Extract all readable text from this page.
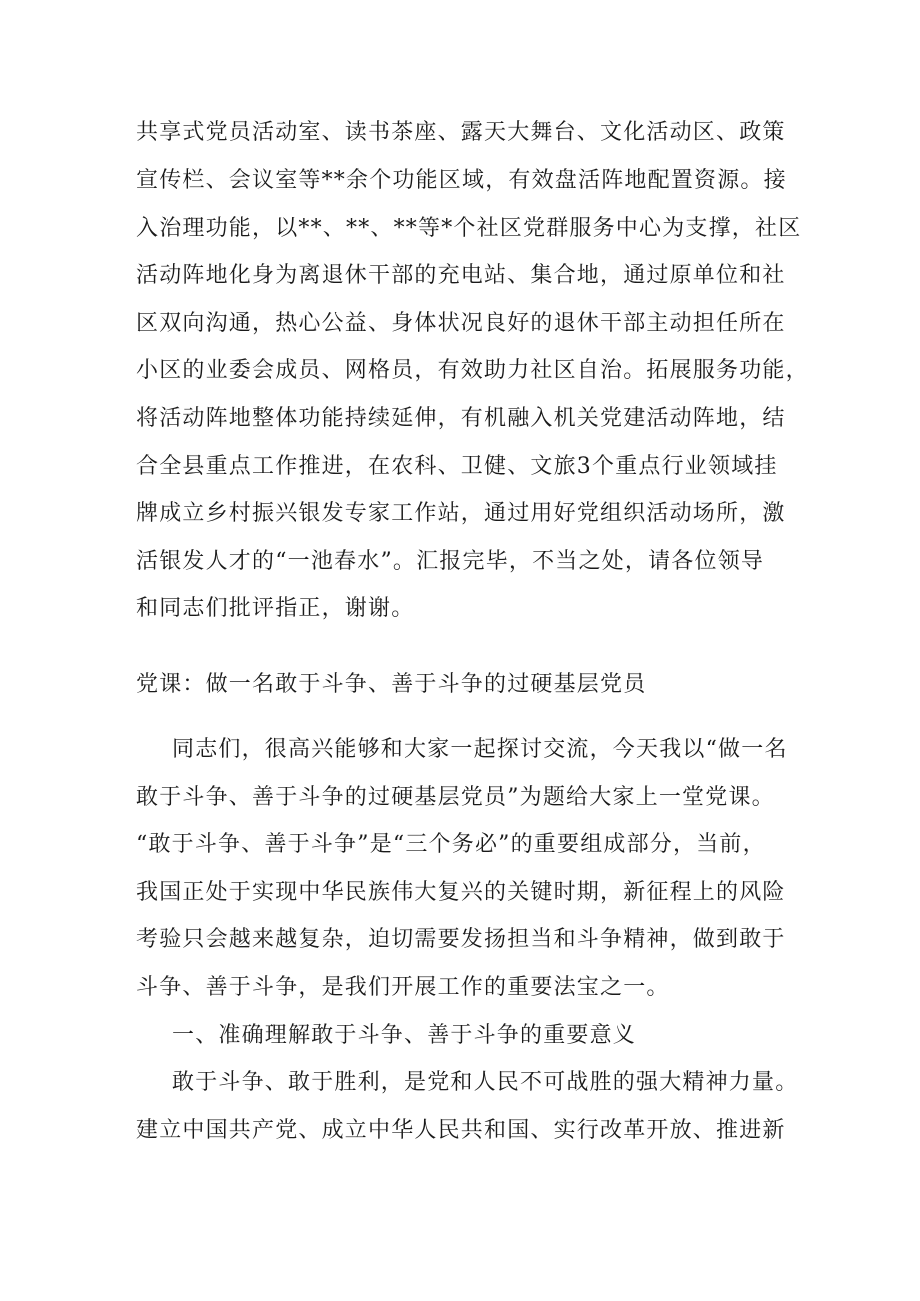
共享式党员活动室、读书茶座、露天大舞台、文化活动区、政策
宣传栏、会议室等**余个功能区域，有效盘活阵地配置资源。接
入治理功能，以**、**、**等*个社区党群服务中心为支撑，社区
活动阵地化身为离退休干部的充电站、集合地，通过原单位和社
区双向沟通，热心公益、身体状况良好的退休干部主动担任所在
小区的业委会成员、网格员，有效助力社区自治。拓展服务功能，
将活动阵地整体功能持续延伸，有机融入机关党建活动阵地，结
合全县重点工作推进，在农科、卫健、文旅3个重点行业领域挂
牌成立乡村振兴银发专家工作站，通过用好党组织活动场所，激
活银发人才的“一池春水”。汇报完毕，不当之处，请各位领导
和同志们批评指正，谢谢。
党课：做一名敢于斗争、善于斗争的过硬基层党员
同志们，很高兴能够和大家一起探讨交流，今天我以“做一名
敢于斗争、善于斗争的过硬基层党员”为题给大家上一堂党课。
“敢于斗争、善于斗争”是“三个务必”的重要组成部分，当前，
我国正处于实现中华民族伟大复兴的关键时期，新征程上的风险
考验只会越来越复杂，迫切需要发扬担当和斗争精神，做到敢于
斗争、善于斗争，是我们开展工作的重要法宝之一。
一、准确理解敢于斗争、善于斗争的重要意义
敢于斗争、敢于胜利，是党和人民不可战胜的强大精神力量。
建立中国共产党、成立中华人民共和国、实行改革开放、推进新
